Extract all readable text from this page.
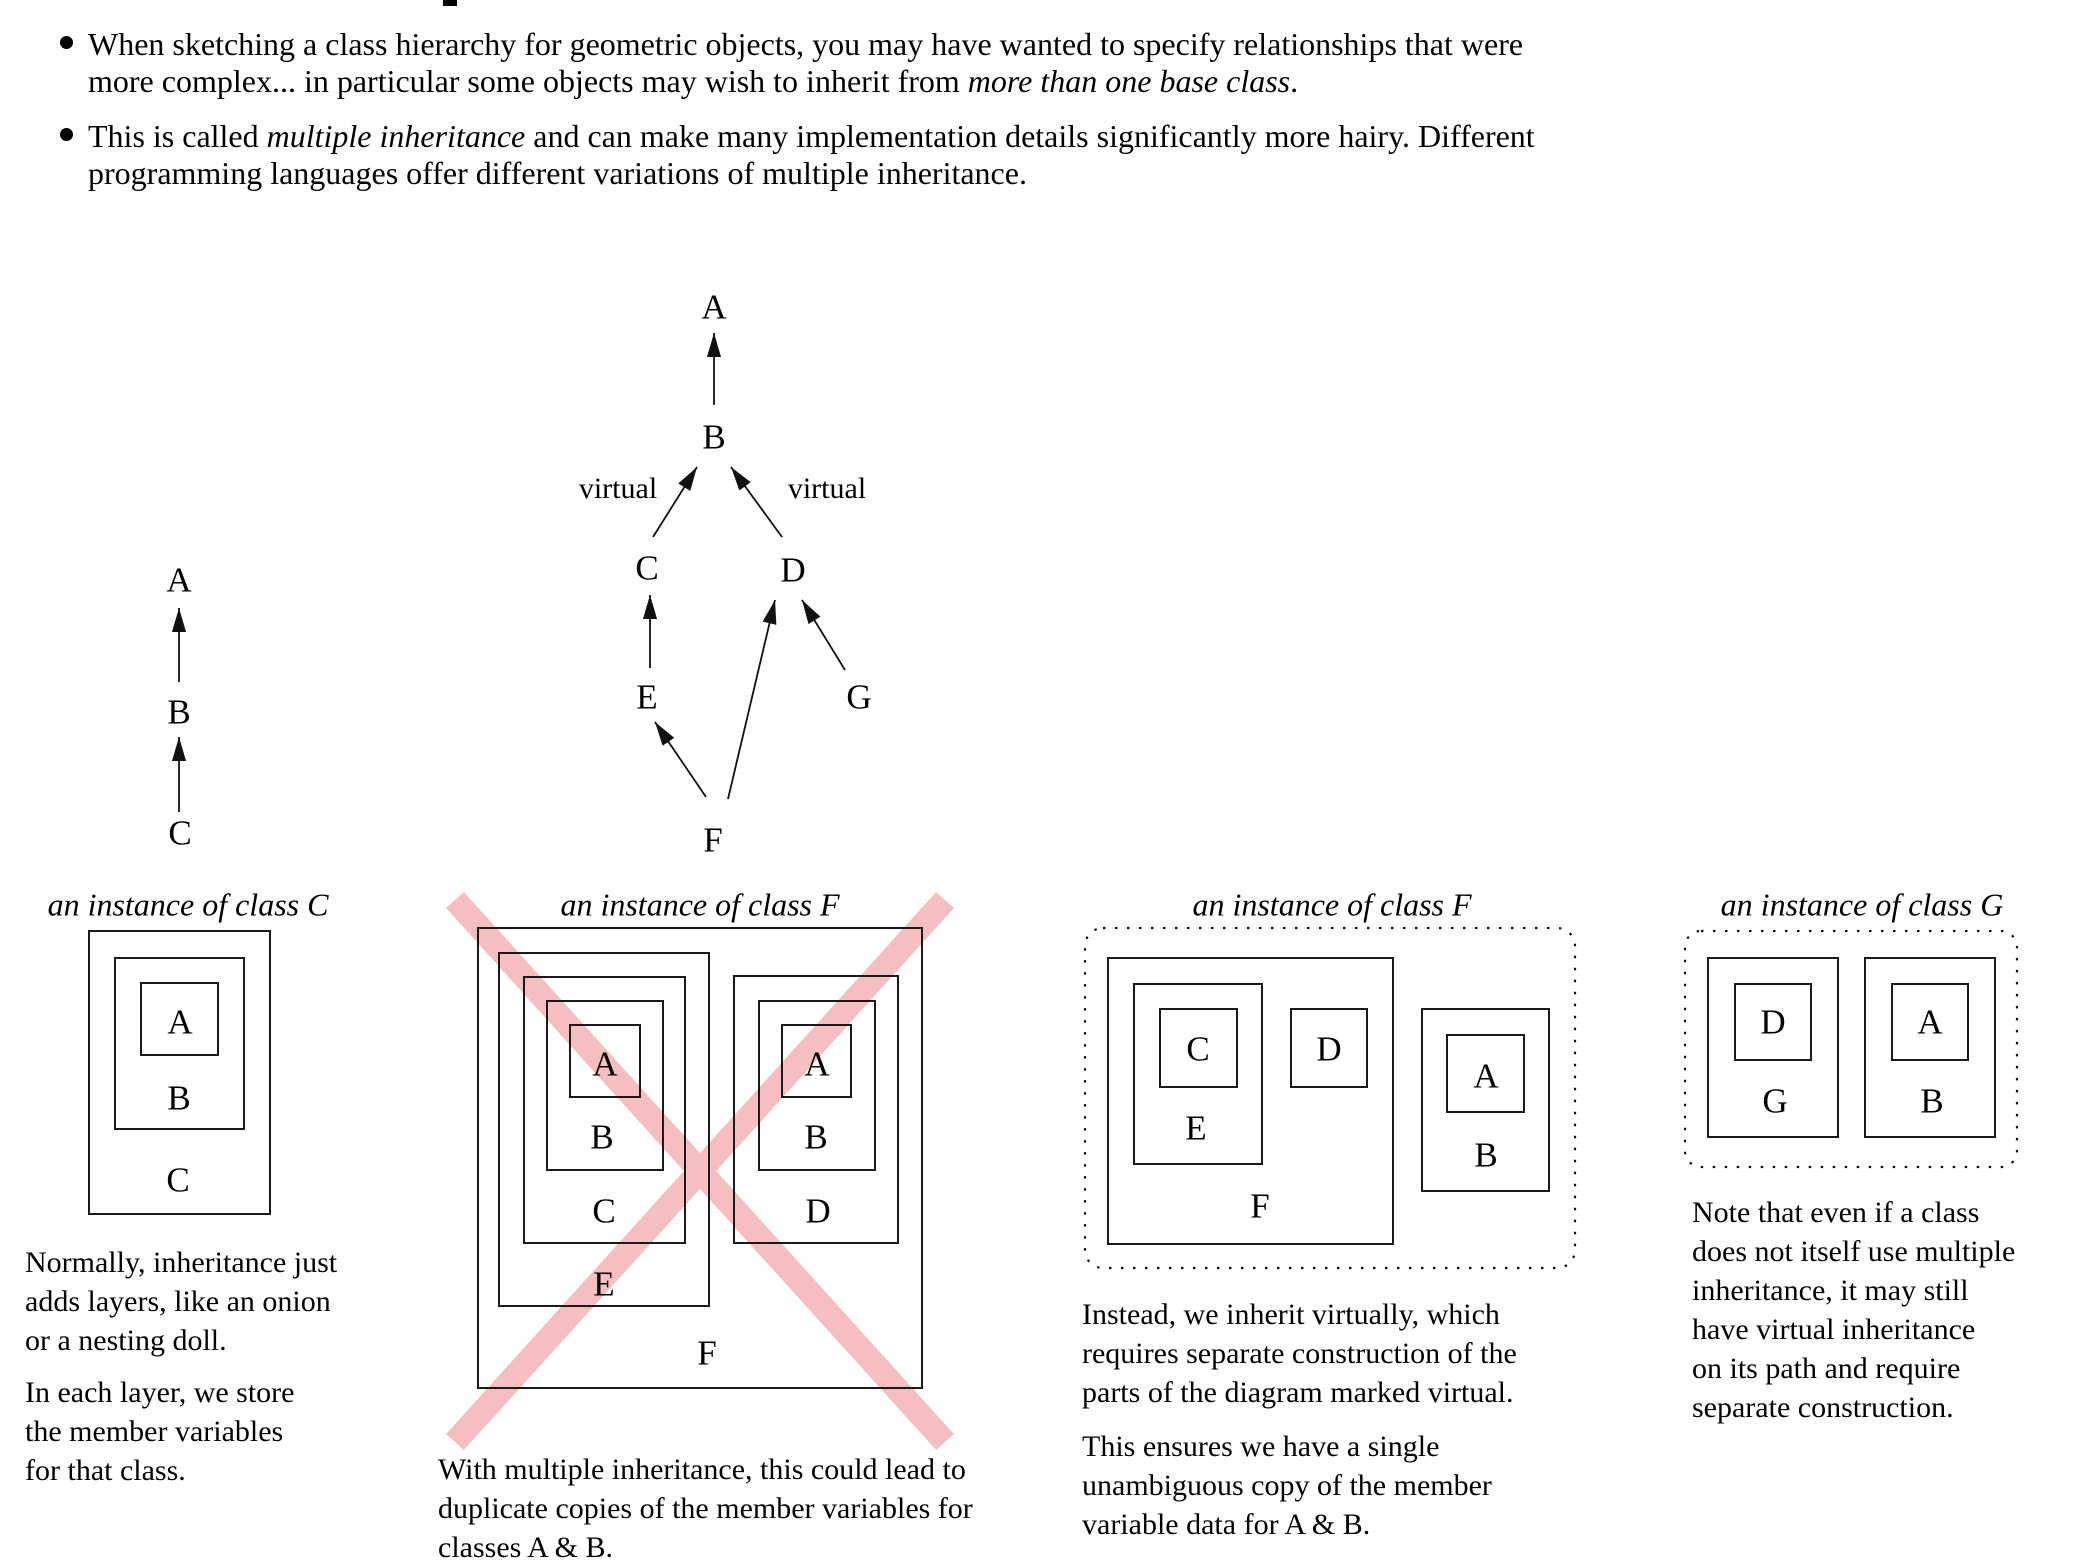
When sketching a class hierarchy for geometric objects, you may have wanted to specify relationships that were
more complex... in particular some objects may wish to inherit from more than one base class.
This is called multiple inheritance and can make many implementation details significantly more hairy. Different
programming languages offer different variations of multiple inheritance.
A
B
C
A
B
virtual	virtual
C	D
E	G
F
an instance of class C
A
B
C
Normally, inheritance just
adds layers, like an onion
or a nesting doll.
In each layer, we store
the member variables
for that class.
an instance of class F
A
B
C
E
A
B
D
F
With multiple inheritance, this could lead to
duplicate copies of the member variables for
classes A & B.
an instance of class F
C	D
E
F
A
B
Instead, we inherit virtually, which
requires separate construction of the
parts of the diagram marked virtual.
This ensures we have a single
unambiguous copy of the member
variable data for A & B.
an instance of class G
D
G
A
B
Note that even if a class
does not itself use multiple
inheritance, it may still
have virtual inheritance
on its path and require
separate construction.
